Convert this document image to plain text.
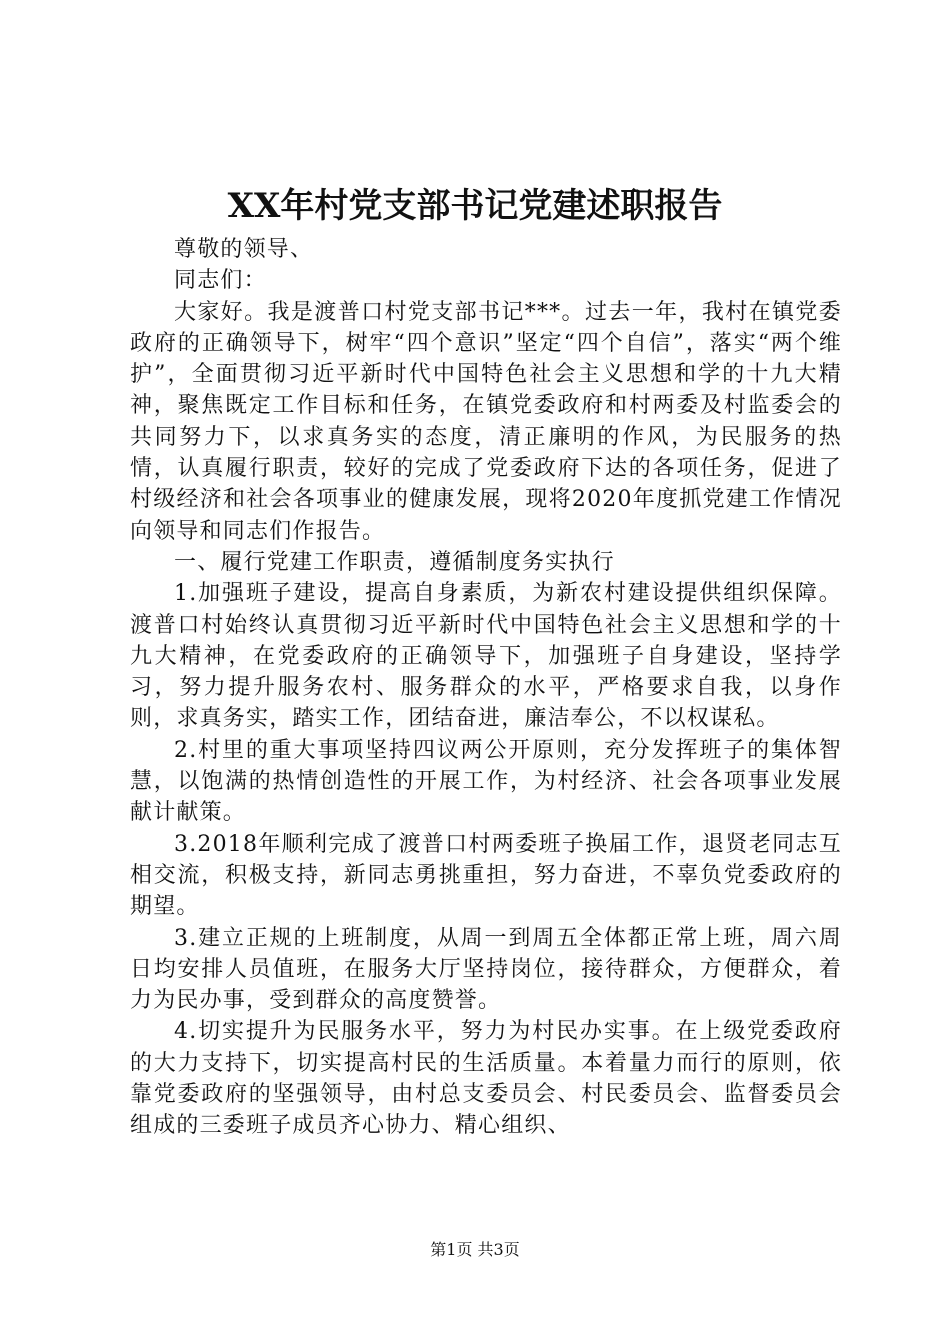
XX年村党支部书记党建述职报告

尊敬的领导、

同志们：

大家好。我是渡普口村党支部书记***。过去一年，我村在镇党委政府的正确领导下，树牢“四个意识”坚定“四个自信”，落实“两个维护”，全面贯彻习近平新时代中国特色社会主义思想和学的十九大精神，聚焦既定工作目标和任务，在镇党委政府和村两委及村监委会的共同努力下，以求真务实的态度，清正廉明的作风，为民服务的热情，认真履行职责，较好的完成了党委政府下达的各项任务，促进了村级经济和社会各项事业的健康发展，现将2020年度抓党建工作情况向领导和同志们作报告。

一、履行党建工作职责，遵循制度务实执行

1.加强班子建设，提高自身素质，为新农村建设提供组织保障。渡普口村始终认真贯彻习近平新时代中国特色社会主义思想和学的十九大精神，在党委政府的正确领导下，加强班子自身建设，坚持学习，努力提升服务农村、服务群众的水平，严格要求自我，以身作则，求真务实，踏实工作，团结奋进，廉洁奉公，不以权谋私。

2.村里的重大事项坚持四议两公开原则，充分发挥班子的集体智慧，以饱满的热情创造性的开展工作，为村经济、社会各项事业发展献计献策。

3.2018年顺利完成了渡普口村两委班子换届工作，退贤老同志互相交流，积极支持，新同志勇挑重担，努力奋进，不辜负党委政府的期望。

3.建立正规的上班制度，从周一到周五全体都正常上班，周六周日均安排人员值班，在服务大厅坚持岗位，接待群众，方便群众，着力为民办事，受到群众的高度赞誉。

4.切实提升为民服务水平，努力为村民办实事。在上级党委政府的大力支持下，切实提高村民的生活质量。本着量力而行的原则，依靠党委政府的坚强领导，由村总支委员会、村民委员会、监督委员会组成的三委班子成员齐心协力、精心组织、

第1页 共3页
